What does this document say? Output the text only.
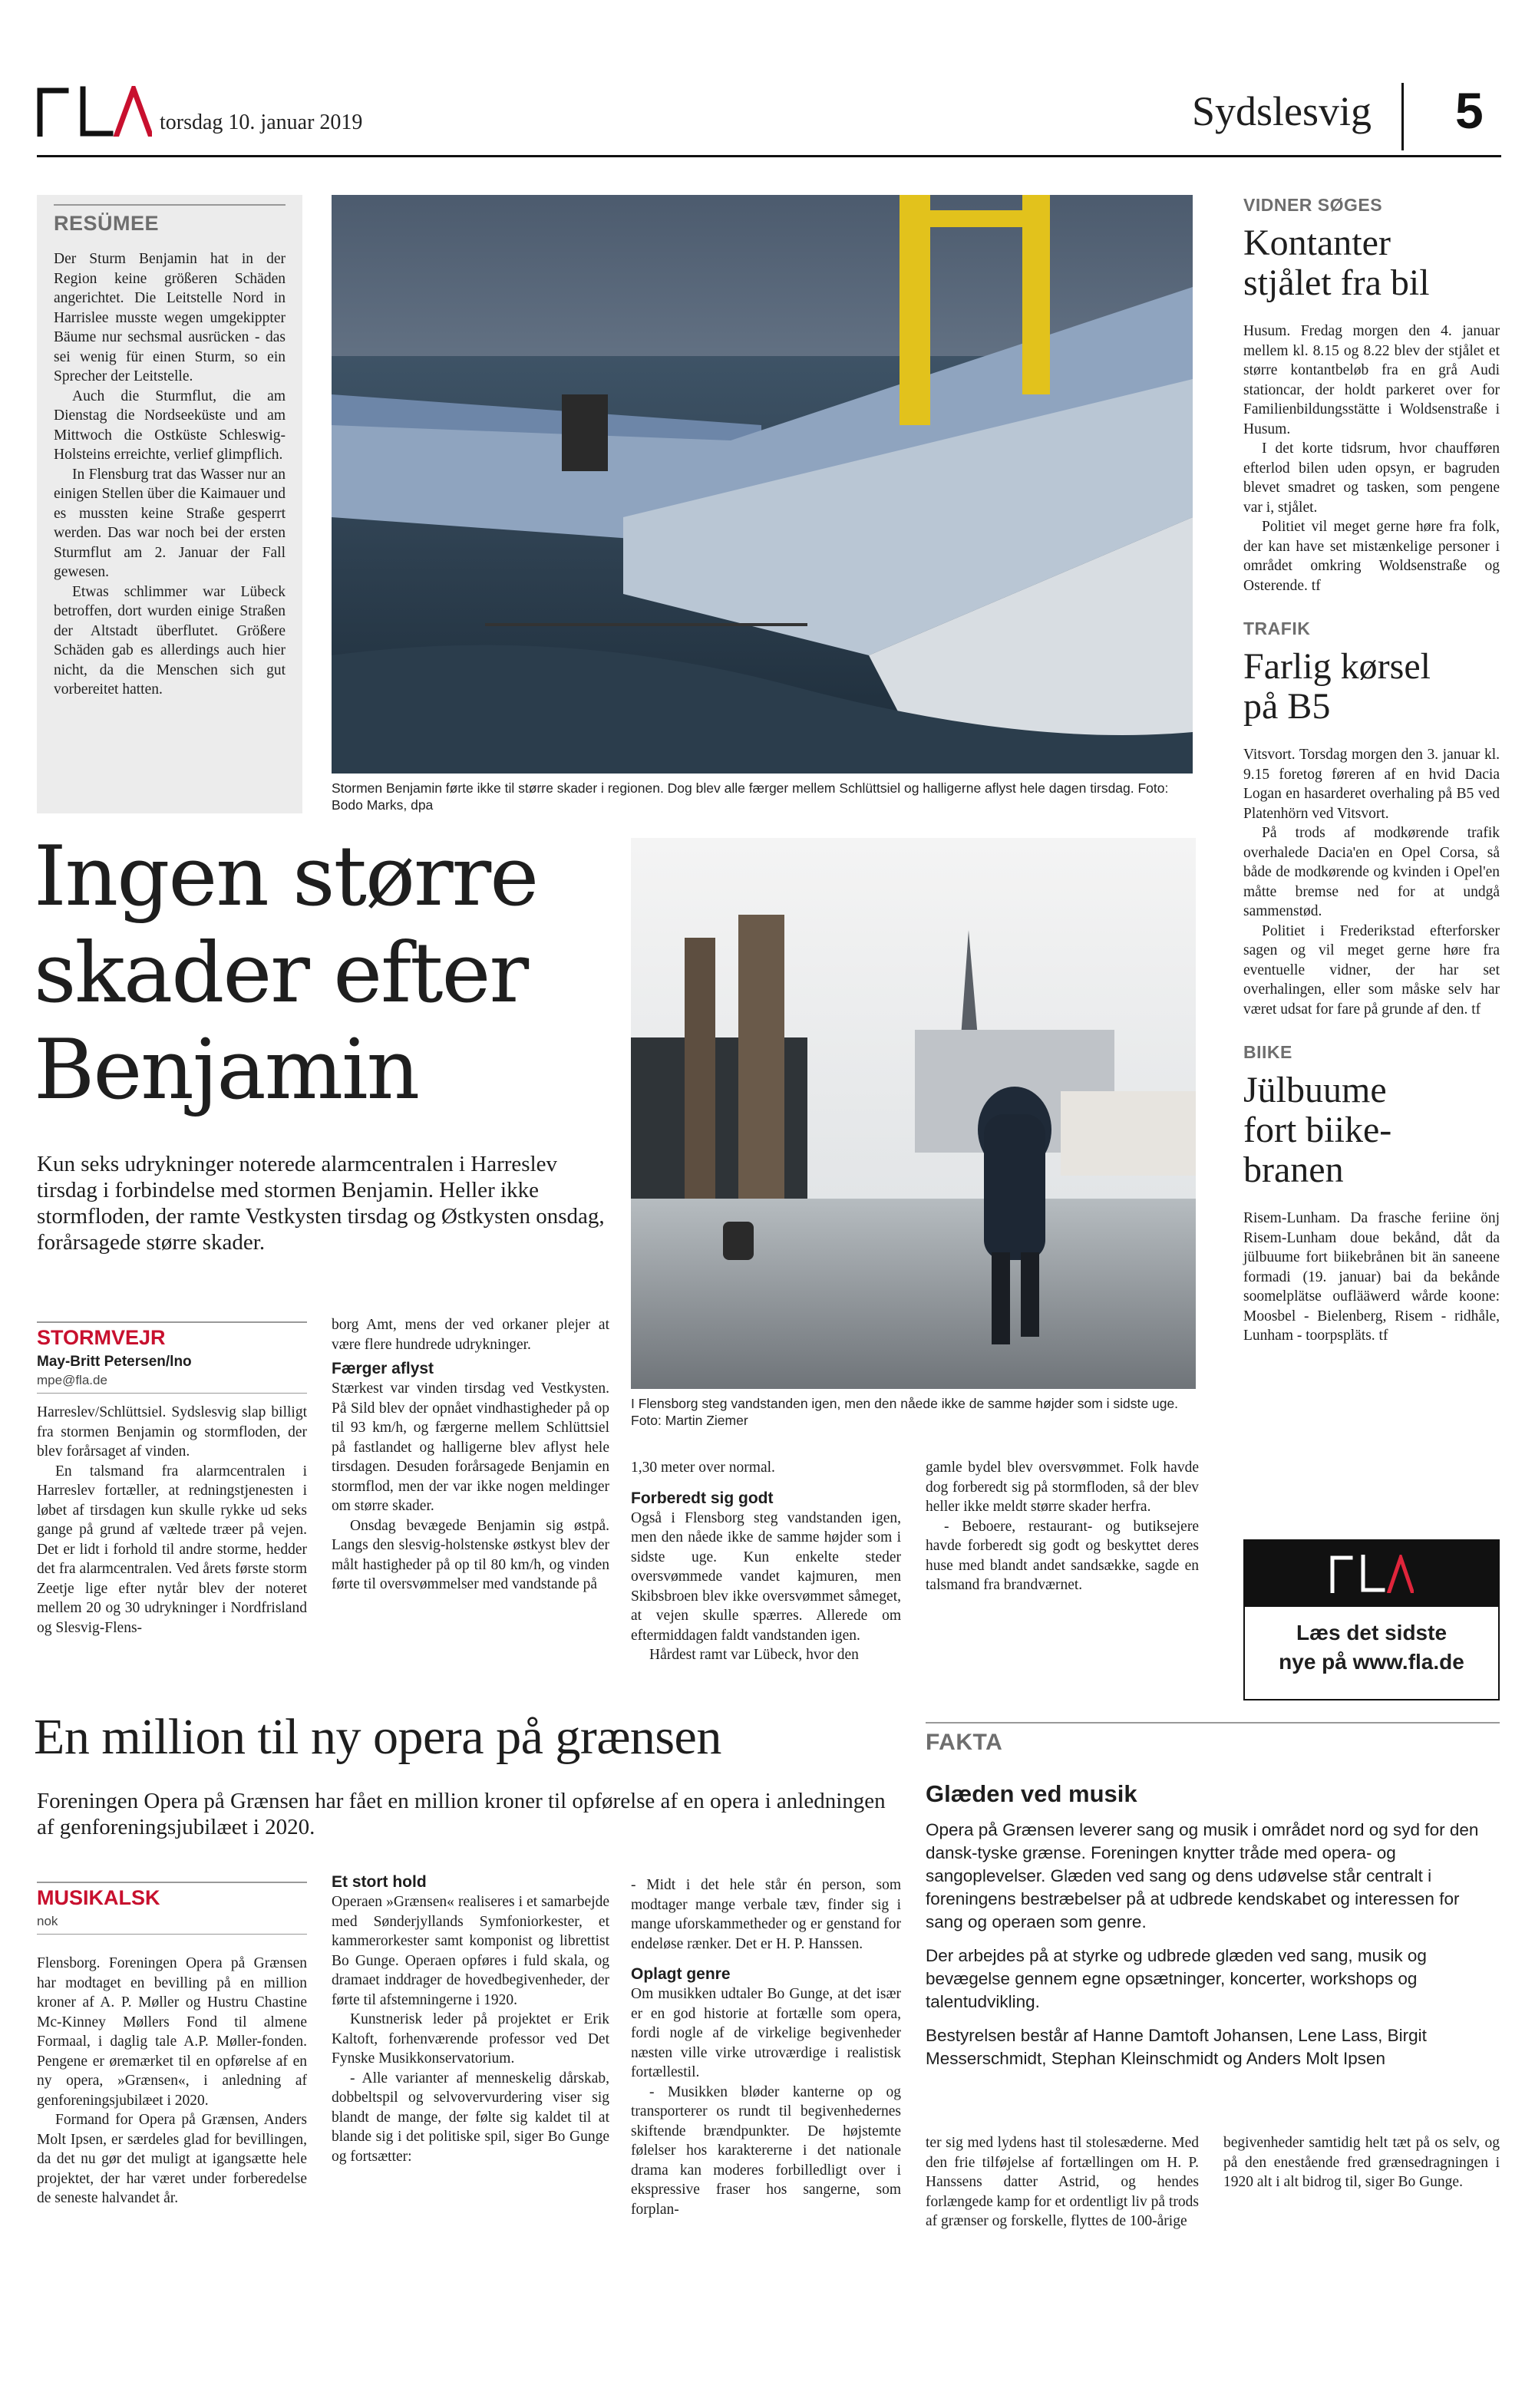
torsdag 10. januar 2019	Sydslesvig 5
RESÜMEE

Der Sturm Benjamin hat in der Region keine größeren Schäden angerichtet. Die Leitstelle Nord in Harrislee musste wegen umgekippter Bäume nur sechsmal ausrücken - das sei wenig für einen Sturm, so ein Sprecher der Leitstelle.

Auch die Sturmflut, die am Dienstag die Nordseeküste und am Mittwoch die Ostküste Schleswig-Holsteins erreichte, verlief glimpflich.

In Flensburg trat das Wasser nur an einigen Stellen über die Kaimauer und es mussten keine Straße gesperrt werden. Das war noch bei der ersten Sturmflut am 2. Januar der Fall gewesen.

Etwas schlimmer war Lübeck betroffen, dort wurden einige Straßen der Altstadt überflutet. Größere Schäden gab es allerdings auch hier nicht, da die Menschen sich gut vorbereitet hatten.

Stormen Benjamin førte ikke til større skader i regionen. Dog blev alle færger mellem Schlüttsiel og halligerne aflyst hele dagen tirsdag. Foto: Bodo Marks, dpa
Ingen større
skader efter
Benjamin
Kun seks udrykninger noterede alarmcentralen i Harreslev tirsdag i forbindelse med stormen Benjamin. Heller ikke stormfloden, der ramte Vestkysten tirsdag og Østkysten onsdag, forårsagede større skader.
I Flensborg steg vandstanden igen, men den nåede ikke de samme højder som i sidste uge. Foto: Martin Ziemer
STORMVEJR
May-Britt Petersen/lno
mpe@fla.de

Harreslev/Schlüttsiel. Sydslesvig slap billigt fra stormen Benjamin og stormfloden, der blev forårsaget af vinden.

En talsmand fra alarmcentralen i Harreslev fortæller, at redningstjenesten i løbet af tirsdagen kun skulle rykke ud seks gange på grund af væltede træer på vejen. Det er lidt i forhold til andre storme, hedder det fra alarmcentralen. Ved årets første storm Zeetje lige efter nytår blev der noteret mellem 20 og 30 udrykninger i Nordfrisland og Slesvig-Flens-

borg Amt, mens der ved orkaner plejer at være flere hundrede udrykninger.

Færger aflyst

Stærkest var vinden tirsdag ved Vestkysten. På Sild blev der opnået vindhastigheder på op til 93 km/h, og færgerne mellem Schlüttsiel på fastlandet og halligerne blev aflyst hele tirsdagen. Desuden forårsagede Benjamin en stormflod, men der var ikke nogen meldinger om større skader.

Onsdag bevægede Benjamin sig østpå. Langs den slesvig-holstenske østkyst blev der målt hastigheder på op til 80 km/h, og vinden førte til oversvømmelser med vandstande på

1,30 meter over normal.

Forberedt sig godt

Også i Flensborg steg vandstanden igen, men den nåede ikke de samme højder som i sidste uge. Kun enkelte steder oversvømmede vandet kajmuren, men Skibsbroen blev ikke oversvømmet såmeget, at vejen skulle spærres. Allerede om eftermiddagen faldt vandstanden igen.

Hårdest ramt var Lübeck, hvor den

gamle bydel blev oversvømmet. Folk havde dog forberedt sig på stormfloden, så der blev heller ikke meldt større skader herfra.

- Beboere, restaurant- og butiksejere havde forberedt sig godt og beskyttet deres huse med blandt andet sandsække, sagde en talsmand fra brandværnet.

VIDNER SØGES
Kontanter
stjålet fra bil

Husum. Fredag morgen den 4. januar mellem kl. 8.15 og 8.22 blev der stjålet et større kontantbeløb fra en grå Audi stationcar, der holdt parkeret over for Familienbildungsstätte i Woldsenstraße i Husum.

I det korte tidsrum, hvor chaufføren efterlod bilen uden opsyn, er bagruden blevet smadret og tasken, som pengene var i, stjålet.

Politiet vil meget gerne høre fra folk, der kan have set mistænkelige personer i området omkring Woldsenstraße og Osterende. tf

TRAFIK
Farlig kørsel
på B5

Vitsvort. Torsdag morgen den 3. januar kl. 9.15 foretog føreren af en hvid Dacia Logan en hasarderet overhaling på B5 ved Platenhörn ved Vitsvort.

På trods af modkørende trafik overhalede Dacia'en en Opel Corsa, så både de modkørende og kvinden i Opel'en måtte bremse ned for at undgå sammenstød.

Politiet i Frederikstad efterforsker sagen og vil meget gerne høre fra eventuelle vidner, der har set overhalingen, eller som måske selv har været udsat for fare på grunde af den. tf

BIIKE
Jülbuume
fort biike-
branen

Risem-Lunham. Da frasche feriine önj Risem-Lunham doue bekånd, dåt da jülbuume fort biikebrånen bit än saneene formadi (19. januar) bai da bekånde soomelplätse ouflääwerd wårde koone: Moosbel - Bielenberg, Risem - ridhåle, Lunham - toorpspläts. tf

Læs det sidste
nye på www.fla.de
En million til ny opera på grænsen
Foreningen Opera på Grænsen har fået en million kroner til opførelse af en opera i anledningen af genforeningsjubilæet i 2020.
MUSIKALSK
nok

Flensborg. Foreningen Opera på Grænsen har modtaget en bevilling på en million kroner af A. P. Møller og Hustru Chastine Mc-Kinney Møllers Fond til almene Formaal, i daglig tale A.P. Møller-fonden. Pengene er øremærket til en opførelse af en ny opera, »Grænsen«, i anledning af genforeningsjubilæet i 2020.

Formand for Opera på Grænsen, Anders Molt Ipsen, er særdeles glad for bevillingen, da det nu gør det muligt at igangsætte hele projektet, der har været under forberedelse de seneste halvandet år.

Et stort hold

Operaen »Grænsen« realiseres i et samarbejde med Sønderjyllands Symfoniorkester, et kammerorkester samt komponist og librettist Bo Gunge. Operaen opføres i fuld skala, og dramaet inddrager de hovedbegivenheder, der førte til afstemningerne i 1920.

Kunstnerisk leder på projektet er Erik Kaltoft, forhenværende professor ved Det Fynske Musikkonservatorium.

- Alle varianter af menneskelig dårskab, dobbeltspil og selvovervurdering viser sig blandt de mange, der følte sig kaldet til at blande sig i det politiske spil, siger Bo Gunge og fortsætter:

- Midt i det hele står én person, som modtager mange verbale tæv, finder sig i mange uforskammetheder og er genstand for endeløse rænker. Det er H. P. Hanssen.

Oplagt genre

Om musikken udtaler Bo Gunge, at det især er en god historie at fortælle som opera, fordi nogle af de virkelige begivenheder næsten ville virke utroværdige i realistisk fortællestil.

- Musikken bløder kanterne op og transporterer os rundt til begivenhedernes skiftende brændpunkter. De højstemte følelser hos karaktererne i det nationale drama kan moderes forbilledligt over i ekspressive fraser hos sangerne, som forplan-

ter sig med lydens hast til stolesæderne. Med den frie tilføjelse af fortællingen om H. P. Hanssens datter Astrid, og hendes forlængede kamp for et ordentligt liv på trods af grænser og forskelle, flyttes de 100-årige

begivenheder samtidig helt tæt på os selv, og på den enestående fred grænsedragningen i 1920 alt i alt bidrog til, siger Bo Gunge.

FAKTA
Glæden ved musik

Opera på Grænsen leverer sang og musik i området nord og syd for den dansk-tyske grænse. Foreningen knytter tråde med opera- og sangoplevelser. Glæden ved sang og dens udøvelse står centralt i foreningens bestræbelser på at udbrede kendskabet og interessen for sang og operaen som genre.

Der arbejdes på at styrke og udbrede glæden ved sang, musik og bevægelse gennem egne opsætninger, koncerter, workshops og talentudvikling.

Bestyrelsen består af Hanne Damtoft Johansen, Lene Lass, Birgit Messerschmidt, Stephan Kleinschmidt og Anders Molt Ipsen
